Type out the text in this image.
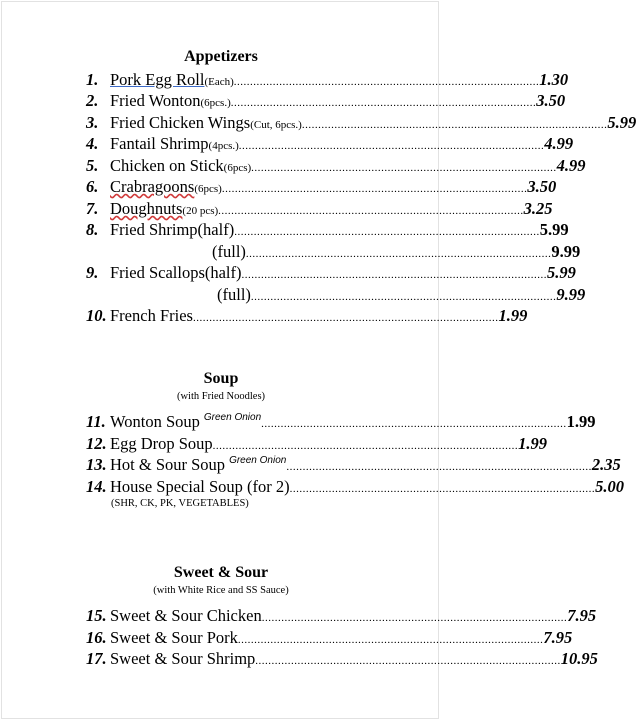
Appetizers
1. Pork Egg Roll (Each) .............................................................................................. 1.30
2. Fried Wonton (6pcs.) .............................................................................................. 3.50
3. Fried Chicken Wings (Cut, 6pcs.) .............................................................................................. 5.99
4. Fantail Shrimp (4pcs.) .............................................................................................. 4.99
5. Chicken on Stick (6pcs) .............................................................................................. 4.99
6. Crabragoons (6pcs) .............................................................................................. 3.50
7. Doughnuts (20 pcs) .............................................................................................. 3.25
8. Fried Shrimp(half) .............................................................................................. 5.99
(full) .............................................................................................. 9.99
9. Fried Scallops(half) .............................................................................................. 5.99
(full) .............................................................................................. 9.99
10. French Fries .............................................................................................. 1.99
Soup
(with Fried Noodles)
11. Wonton Soup Green Onion
.............................................................................................. 1.99
12. Egg Drop Soup .............................................................................................. 1.99
13. Hot & Sour Soup Green Onion
.............................................................................................. 2.35
14. House Special Soup (for 2) .............................................................................................. 5.00
(SHR, CK, PK, VEGETABLES)
Sweet & Sour
(with White Rice and SS Sauce)
15. Sweet & Sour Chicken .............................................................................................. 7.95
16. Sweet & Sour Pork .............................................................................................. 7.95
17. Sweet & Sour Shrimp .............................................................................................. 10.95
